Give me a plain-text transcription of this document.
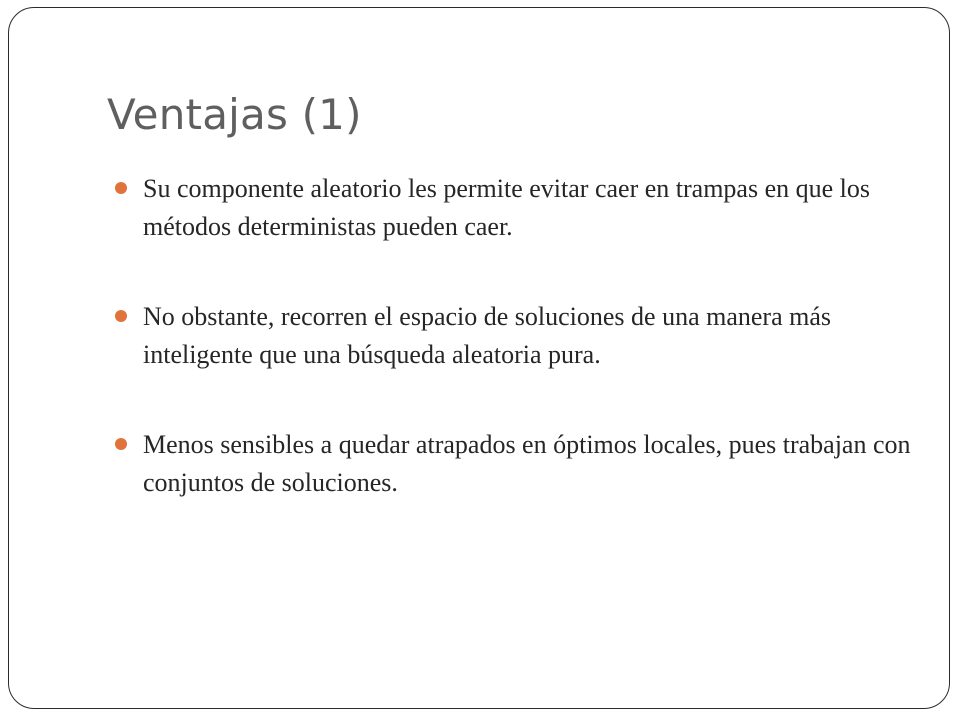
Ventajas (1)
Su componente aleatorio les permite evitar caer en trampas en que los métodos deterministas pueden caer.
No obstante, recorren el espacio de soluciones de una manera más inteligente que una búsqueda aleatoria pura.
Menos sensibles a quedar atrapados en óptimos locales, pues trabajan con conjuntos de soluciones.
